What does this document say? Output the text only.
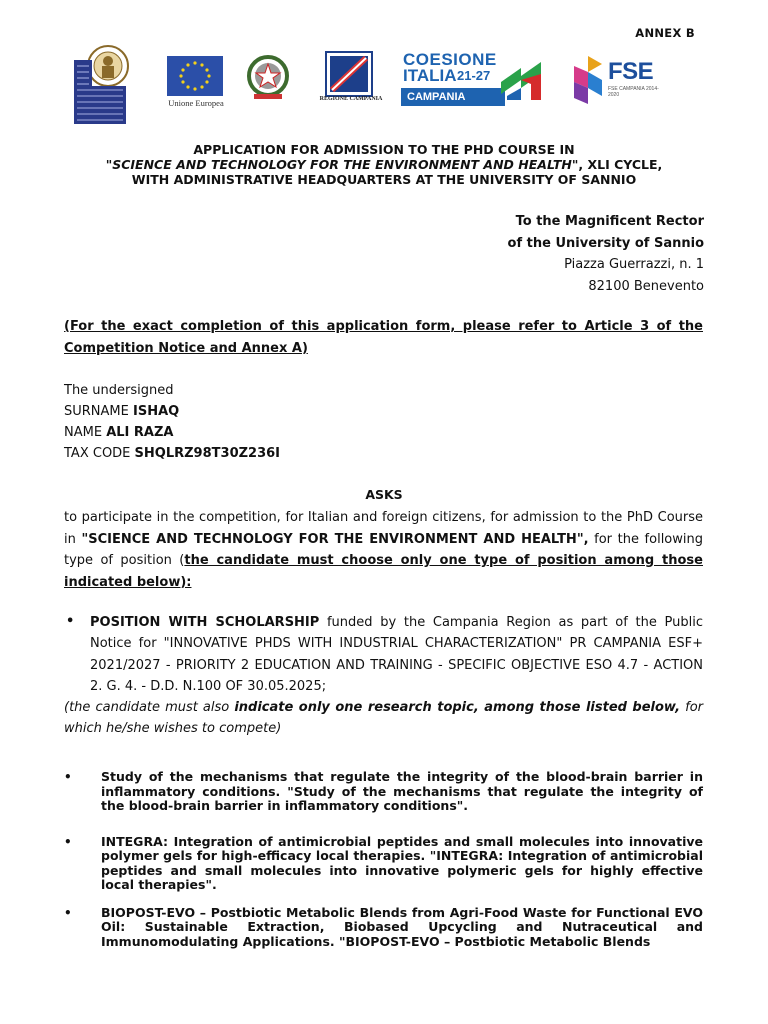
ANNEX B
Unione Europea	REGIONE CAMPANIA
COESIONE
ITALIA 21-27
CAMPANIA
FSE
FSE CAMPANIA 2014-2020
APPLICATION FOR ADMISSION TO THE PHD COURSE IN
"SCIENCE AND TECHNOLOGY FOR THE ENVIRONMENT AND HEALTH", XLI CYCLE,
WITH ADMINISTRATIVE HEADQUARTERS AT THE UNIVERSITY OF SANNIO
To the Magnificent Rector
of the University of Sannio
Piazza Guerrazzi, n. 1
82100 Benevento
(For the exact completion of this application form, please refer to Article 3 of the Competition Notice and Annex A)
The undersigned
SURNAME ISHAQ
NAME ALI RAZA
TAX CODE SHQLRZ98T30Z236I
ASKS
to participate in the competition, for Italian and foreign citizens, for admission to the PhD Course in "SCIENCE AND TECHNOLOGY FOR THE ENVIRONMENT AND HEALTH", for the following type of position (the candidate must choose only one type of position among those indicated below):
• POSITION WITH SCHOLARSHIP funded by the Campania Region as part of the Public Notice for "INNOVATIVE PHDS WITH INDUSTRIAL CHARACTERIZATION" PR CAMPANIA ESF+ 2021/2027 - PRIORITY 2 EDUCATION AND TRAINING - SPECIFIC OBJECTIVE ESO 4.7 - ACTION 2. G. 4. - D.D. N.100 OF 30.05.2025;
(the candidate must also indicate only one research topic, among those listed below, for which he/she wishes to compete)
• Study of the mechanisms that regulate the integrity of the blood-brain barrier in inflammatory conditions. "Study of the mechanisms that regulate the integrity of the blood-brain barrier in inflammatory conditions".
• INTEGRA: Integration of antimicrobial peptides and small molecules into innovative polymer gels for high-efficacy local therapies. "INTEGRA: Integration of antimicrobial peptides and small molecules into innovative polymeric gels for highly effective local therapies".
• BIOPOST-EVO – Postbiotic Metabolic Blends from Agri-Food Waste for Functional EVO Oil: Sustainable Extraction, Biobased Upcycling and Nutraceutical and Immunomodulating Applications. "BIOPOST-EVO – Postbiotic Metabolic Blends
